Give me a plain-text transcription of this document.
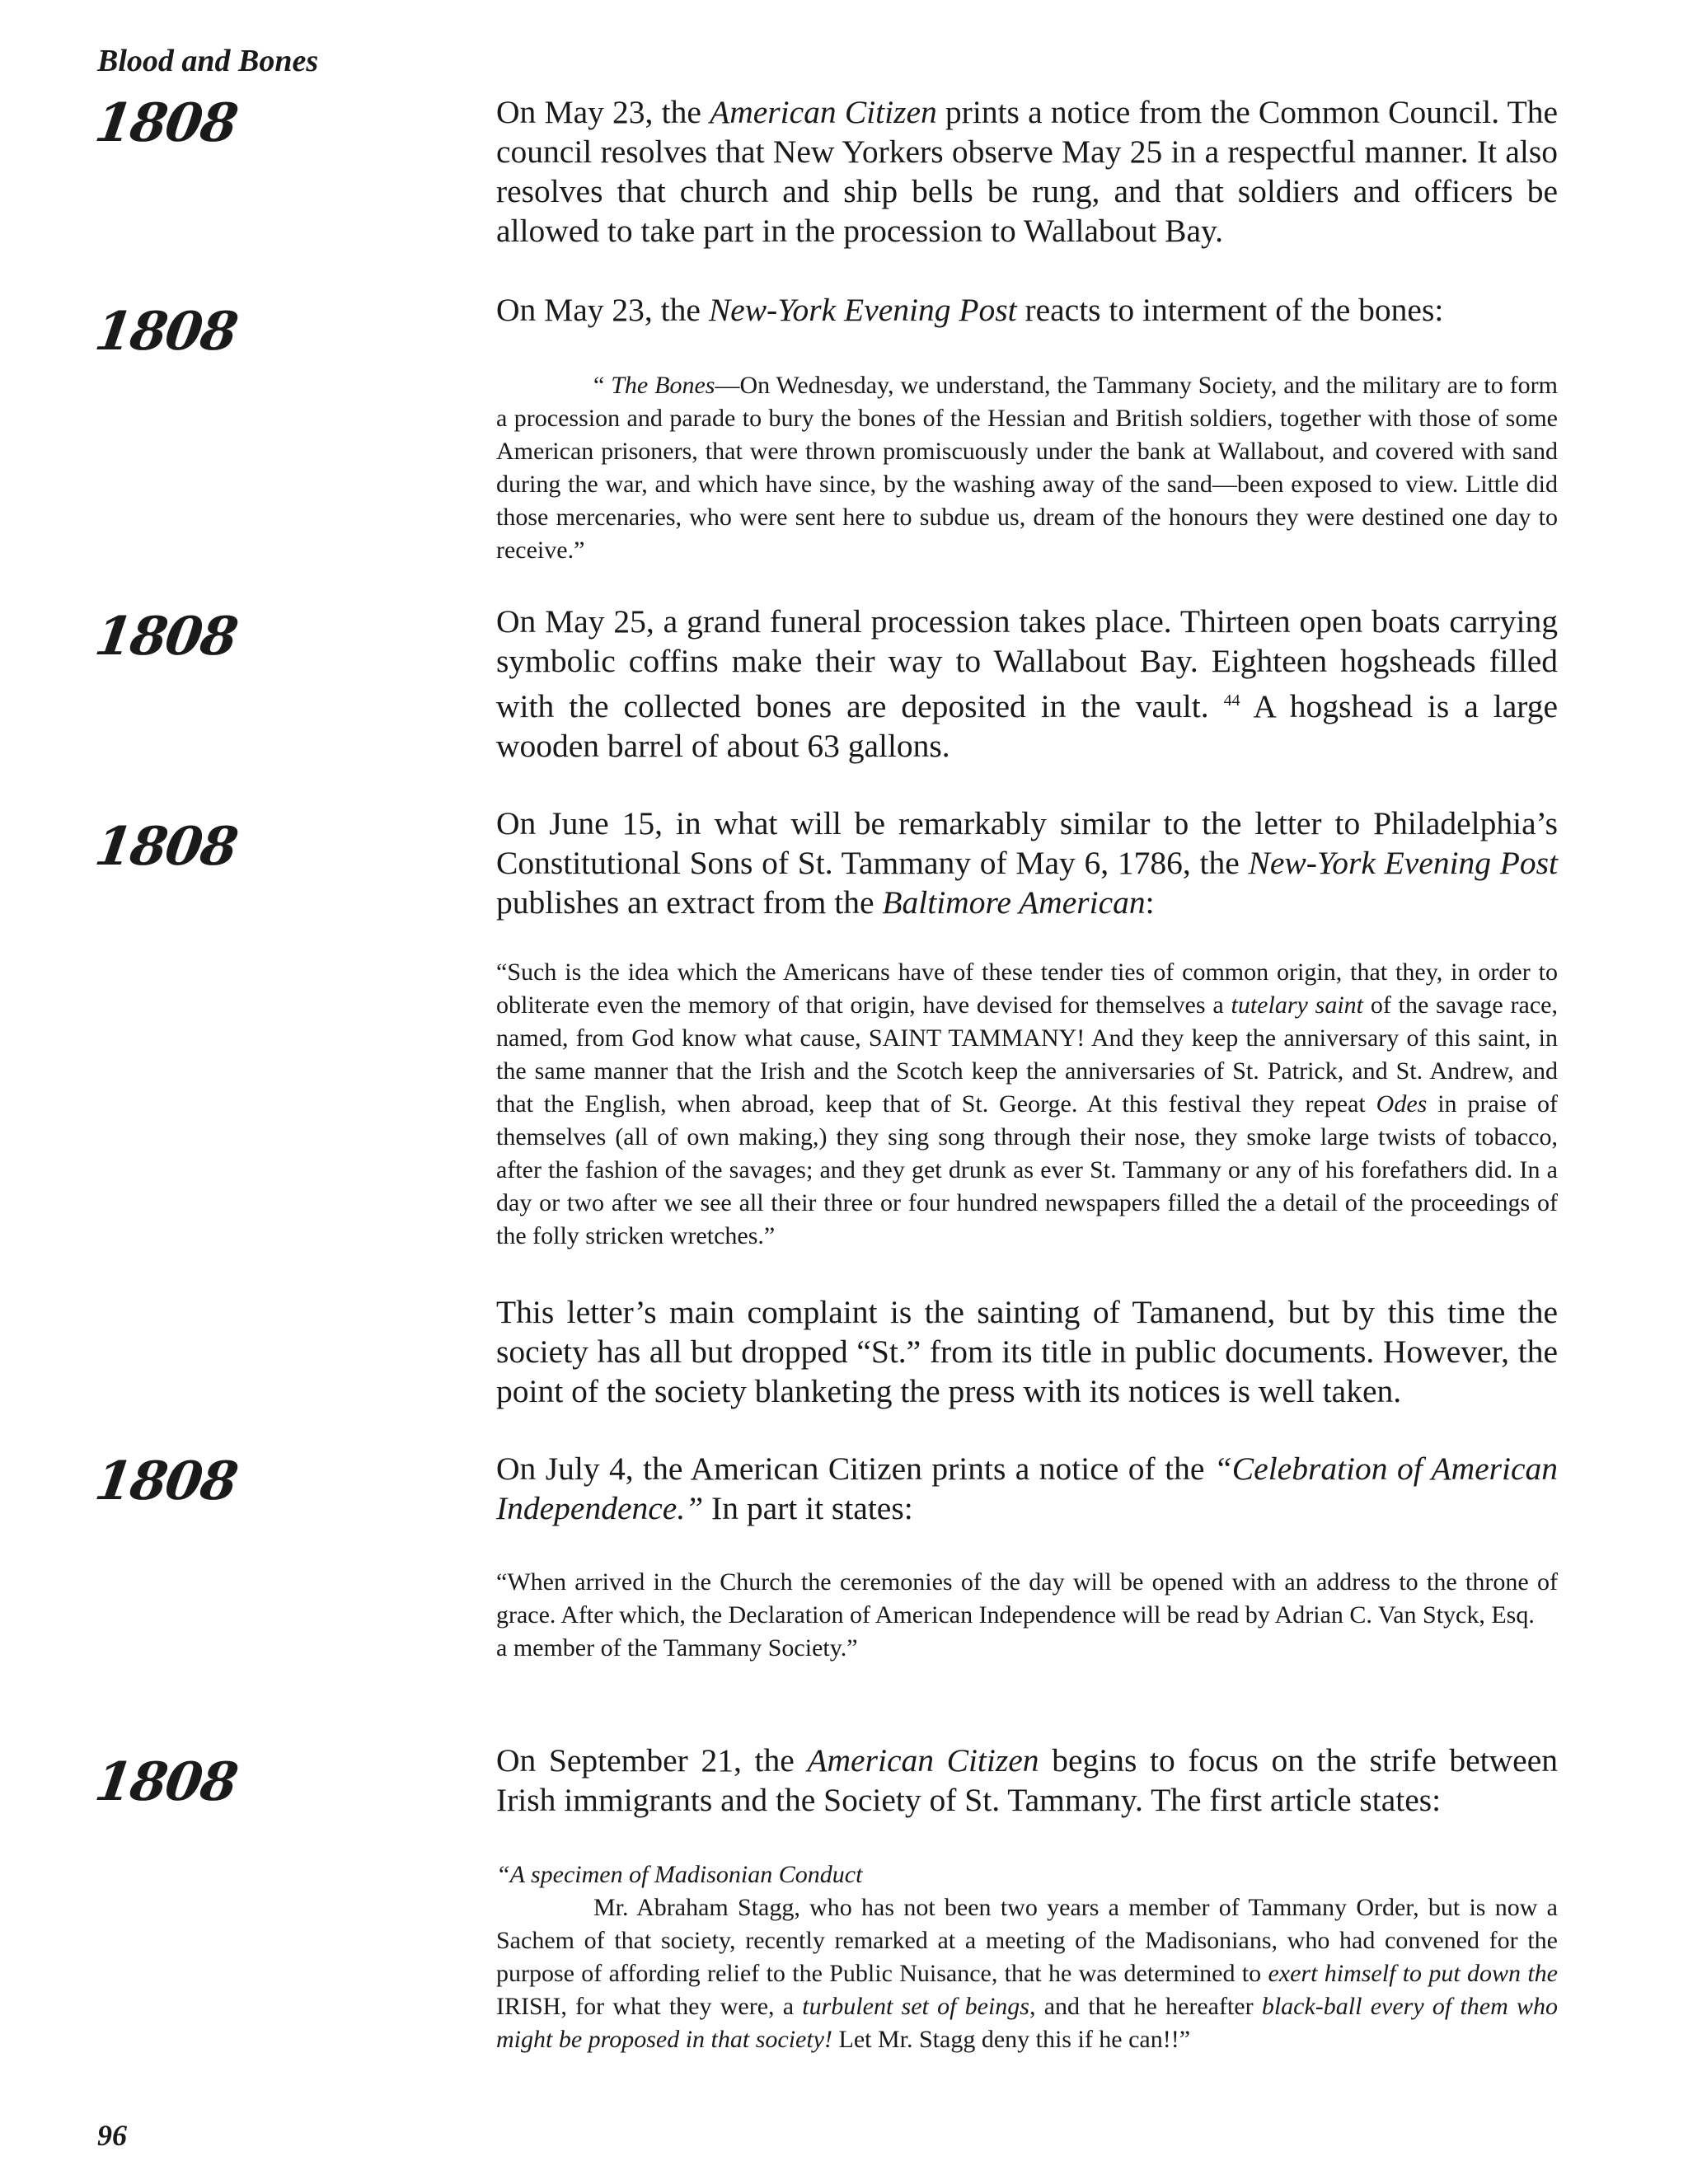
Blood and Bones
1808
1808
1808
1808
1808
1808

On May 23, the American Citizen prints a notice from the Common Council. The council resolves that New Yorkers observe May 25 in a respectful manner. It also resolves that church and ship bells be rung, and that soldiers and officers be allowed to take part in the procession to Wallabout Bay.

On May 23, the New-York Evening Post reacts to interment of the bones:

“ The Bones—On Wednesday, we understand, the Tammany Society, and the military are to form a procession and parade to bury the bones of the Hessian and British soldiers, together with those of some American prisoners, that were thrown promiscuously under the bank at Wallabout, and covered with sand during the war, and which have since, by the washing away of the sand—been exposed to view. Little did those mercenaries, who were sent here to subdue us, dream of the honours they were destined one day to receive.”

On May 25, a grand funeral procession takes place. Thirteen open boats carrying symbolic coffins make their way to Wallabout Bay. Eighteen hogsheads filled with the collected bones are deposited in the vault. $^{44}$ A hogshead is a large wooden barrel of about 63 gallons.

On June 15, in what will be remarkably similar to the letter to Philadelphia’s Constitutional Sons of St. Tammany of May 6, 1786, the New-York Evening Post publishes an extract from the Baltimore American:

“Such is the idea which the Americans have of these tender ties of common origin, that they, in order to obliterate even the memory of that origin, have devised for themselves a tutelary saint of the savage race, named, from God know what cause, SAINT TAMMANY! And they keep the anniversary of this saint, in the same manner that the Irish and the Scotch keep the anniversaries of St. Patrick, and St. Andrew, and that the English, when abroad, keep that of St. George. At this festival they repeat Odes in praise of themselves (all of own making,) they sing song through their nose, they smoke large twists of tobacco, after the fashion of the savages; and they get drunk as ever St. Tammany or any of his forefathers did. In a day or two after we see all their three or four hundred newspapers filled the a detail of the proceedings of the folly stricken wretches.”

This letter’s main complaint is the sainting of Tamanend, but by this time the society has all but dropped “St.” from its title in public documents. However, the point of the society blanketing the press with its notices is well taken.

On July 4, the American Citizen prints a notice of the “Celebration of American Independence.” In part it states:

“When arrived in the Church the ceremonies of the day will be opened with an address to the throne of grace. After which, the Declaration of American Independence will be read by Adrian C. Van Styck, Esq.
a member of the Tammany Society.”

On September 21, the American Citizen begins to focus on the strife between Irish immigrants and the Society of St. Tammany. The first article states:

“A specimen of Madisonian Conduct
Mr. Abraham Stagg, who has not been two years a member of Tammany Order, but is now a Sachem of that society, recently remarked at a meeting of the Madisonians, who had convened for the purpose of affording relief to the Public Nuisance, that he was determined to exert himself to put down the IRISH, for what they were, a turbulent set of beings, and that he hereafter black-ball every of them who might be proposed in that society! Let Mr. Stagg deny this if he can!!”

96
